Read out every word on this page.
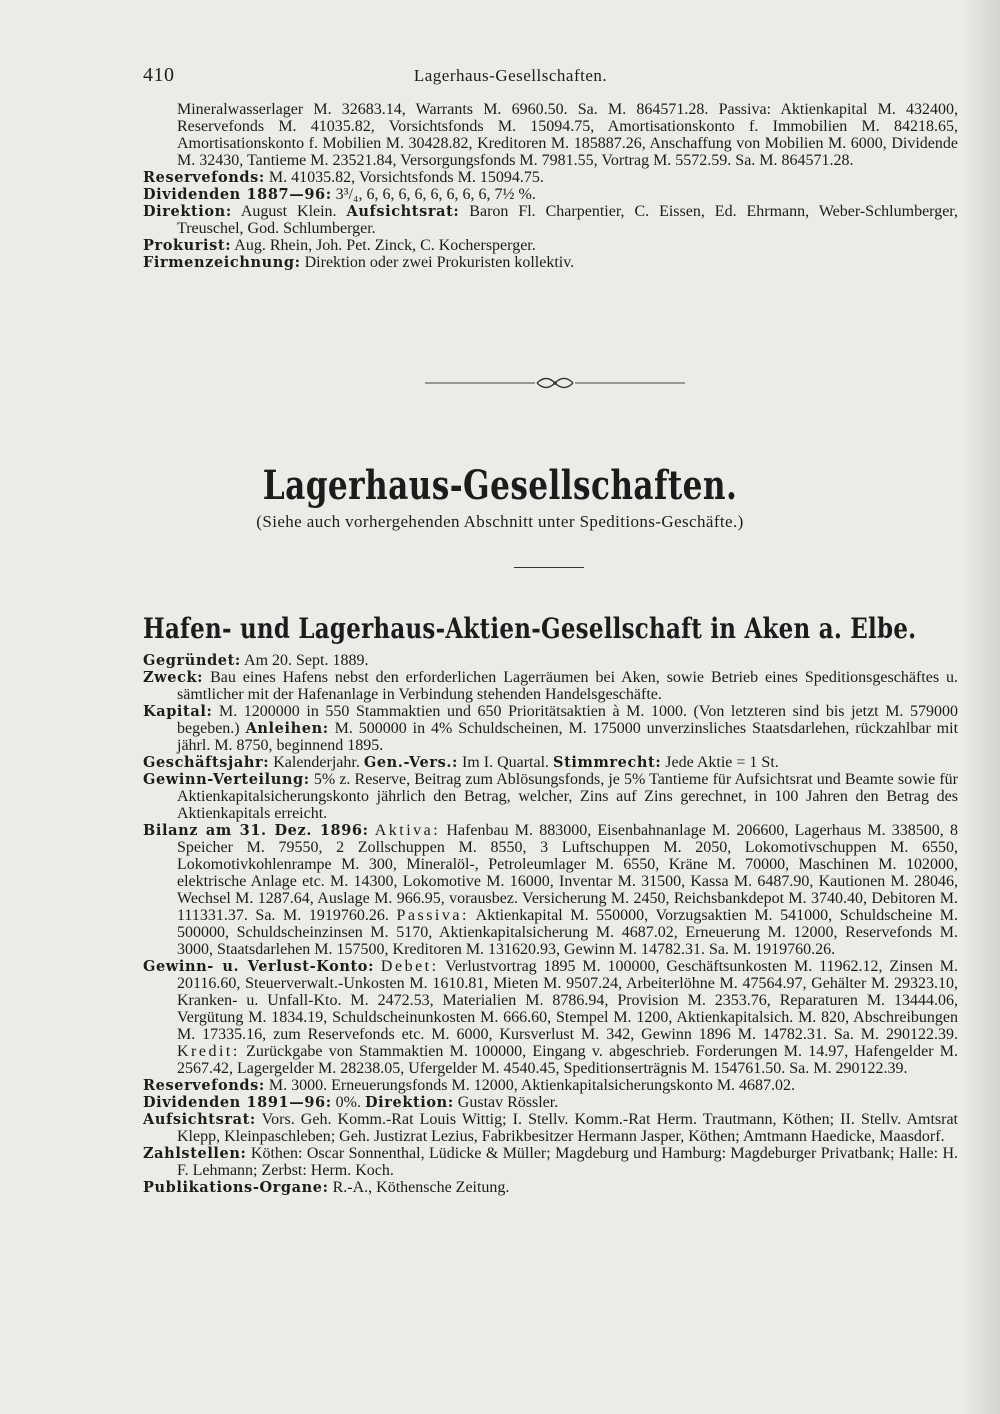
410	Lagerhaus-Gesellschaften.

Mineralwasserlager M. 32683.14, Warrants M. 6960.50. Sa. M. 864571.28. Passiva: Aktienkapital M. 432400, Reservefonds M. 41035.82, Vorsichtsfonds M. 15094.75, Amortisationskonto f. Immobilien M. 84218.65, Amortisationskonto f. Mobilien M. 30428.82, Kreditoren M. 185887.26, Anschaffung von Mobilien M. 6000, Dividende M. 32430, Tantieme M. 23521.84, Versorgungsfonds M. 7981.55, Vortrag M. 5572.59. Sa. M. 864571.28.

Reservefonds: M. 41035.82, Vorsichtsfonds M. 15094.75.

Dividenden 1887—96: 3³/₄, 6, 6, 6, 6, 6, 6, 6, 6, 7½ %.

Direktion: August Klein. Aufsichtsrat: Baron Fl. Charpentier, C. Eissen, Ed. Ehrmann, Weber-Schlumberger, Treuschel, God. Schlumberger.

Prokurist: Aug. Rhein, Joh. Pet. Zinck, C. Kochersperger.

Firmenzeichnung: Direktion oder zwei Prokuristen kollektiv.

Lagerhaus-Gesellschaften.
(Siehe auch vorhergehenden Abschnitt unter Speditions-Geschäfte.)
Hafen- und Lagerhaus-Aktien-Gesellschaft in Aken a. Elbe.

Gegründet: Am 20. Sept. 1889.

Zweck: Bau eines Hafens nebst den erforderlichen Lagerräumen bei Aken, sowie Betrieb eines Speditionsgeschäftes u. sämtlicher mit der Hafenanlage in Verbindung stehenden Handelsgeschäfte.

Kapital: M. 1200000 in 550 Stammaktien und 650 Prioritätsaktien à M. 1000. (Von letzteren sind bis jetzt M. 579000 begeben.) Anleihen: M. 500000 in 4% Schuldscheinen, M. 175000 unverzinsliches Staatsdarlehen, rückzahlbar mit jährl. M. 8750, beginnend 1895.

Geschäftsjahr: Kalenderjahr. Gen.-Vers.: Im I. Quartal. Stimmrecht: Jede Aktie = 1 St.

Gewinn-Verteilung: 5% z. Reserve, Beitrag zum Ablösungsfonds, je 5% Tantieme für Aufsichtsrat und Beamte sowie für Aktienkapitalsicherungskonto jährlich den Betrag, welcher, Zins auf Zins gerechnet, in 100 Jahren den Betrag des Aktienkapitals erreicht.

Bilanz am 31. Dez. 1896: Aktiva: Hafenbau M. 883000, Eisenbahnanlage M. 206600, Lagerhaus M. 338500, 8 Speicher M. 79550, 2 Zollschuppen M. 8550, 3 Luftschuppen M. 2050, Lokomotivschuppen M. 6550, Lokomotivkohlenrampe M. 300, Mineralöl-, Petroleumlager M. 6550, Kräne M. 70000, Maschinen M. 102000, elektrische Anlage etc. M. 14300, Lokomotive M. 16000, Inventar M. 31500, Kassa M. 6487.90, Kautionen M. 28046, Wechsel M. 1287.64, Auslage M. 966.95, vorausbez. Versicherung M. 2450, Reichsbankdepot M. 3740.40, Debitoren M. 111331.37. Sa. M. 1919760.26. Passiva: Aktienkapital M. 550000, Vorzugsaktien M. 541000, Schuldscheine M. 500000, Schuldscheinzinsen M. 5170, Aktienkapitalsicherung M. 4687.02, Erneuerung M. 12000, Reservefonds M. 3000, Staatsdarlehen M. 157500, Kreditoren M. 131620.93, Gewinn M. 14782.31. Sa. M. 1919760.26.

Gewinn- u. Verlust-Konto: Debet: Verlustvortrag 1895 M. 100000, Geschäftsunkosten M. 11962.12, Zinsen M. 20116.60, Steuerverwalt.-Unkosten M. 1610.81, Mieten M. 9507.24, Arbeiterlöhne M. 47564.97, Gehälter M. 29323.10, Kranken- u. Unfall-Kto. M. 2472.53, Materialien M. 8786.94, Provision M. 2353.76, Reparaturen M. 13444.06, Vergütung M. 1834.19, Schuldscheinunkosten M. 666.60, Stempel M. 1200, Aktienkapitalsich. M. 820, Abschreibungen M. 17335.16, zum Reservefonds etc. M. 6000, Kursverlust M. 342, Gewinn 1896 M. 14782.31. Sa. M. 290122.39. Kredit: Zurückgabe von Stammaktien M. 100000, Eingang v. abgeschrieb. Forderungen M. 14.97, Hafengelder M. 2567.42, Lagergelder M. 28238.05, Ufergelder M. 4540.45, Speditionserträgnis M. 154761.50. Sa. M. 290122.39.

Reservefonds: M. 3000. Erneuerungsfonds M. 12000, Aktienkapitalsicherungskonto M. 4687.02.

Dividenden 1891—96: 0%. Direktion: Gustav Rössler.

Aufsichtsrat: Vors. Geh. Komm.-Rat Louis Wittig; I. Stellv. Komm.-Rat Herm. Trautmann, Köthen; II. Stellv. Amtsrat Klepp, Kleinpaschleben; Geh. Justizrat Lezius, Fabrikbesitzer Hermann Jasper, Köthen; Amtmann Haedicke, Maasdorf.

Zahlstellen: Köthen: Oscar Sonnenthal, Lüdicke & Müller; Magdeburg und Hamburg: Magdeburger Privatbank; Halle: H. F. Lehmann; Zerbst: Herm. Koch.

Publikations-Organe: R.-A., Köthensche Zeitung.
